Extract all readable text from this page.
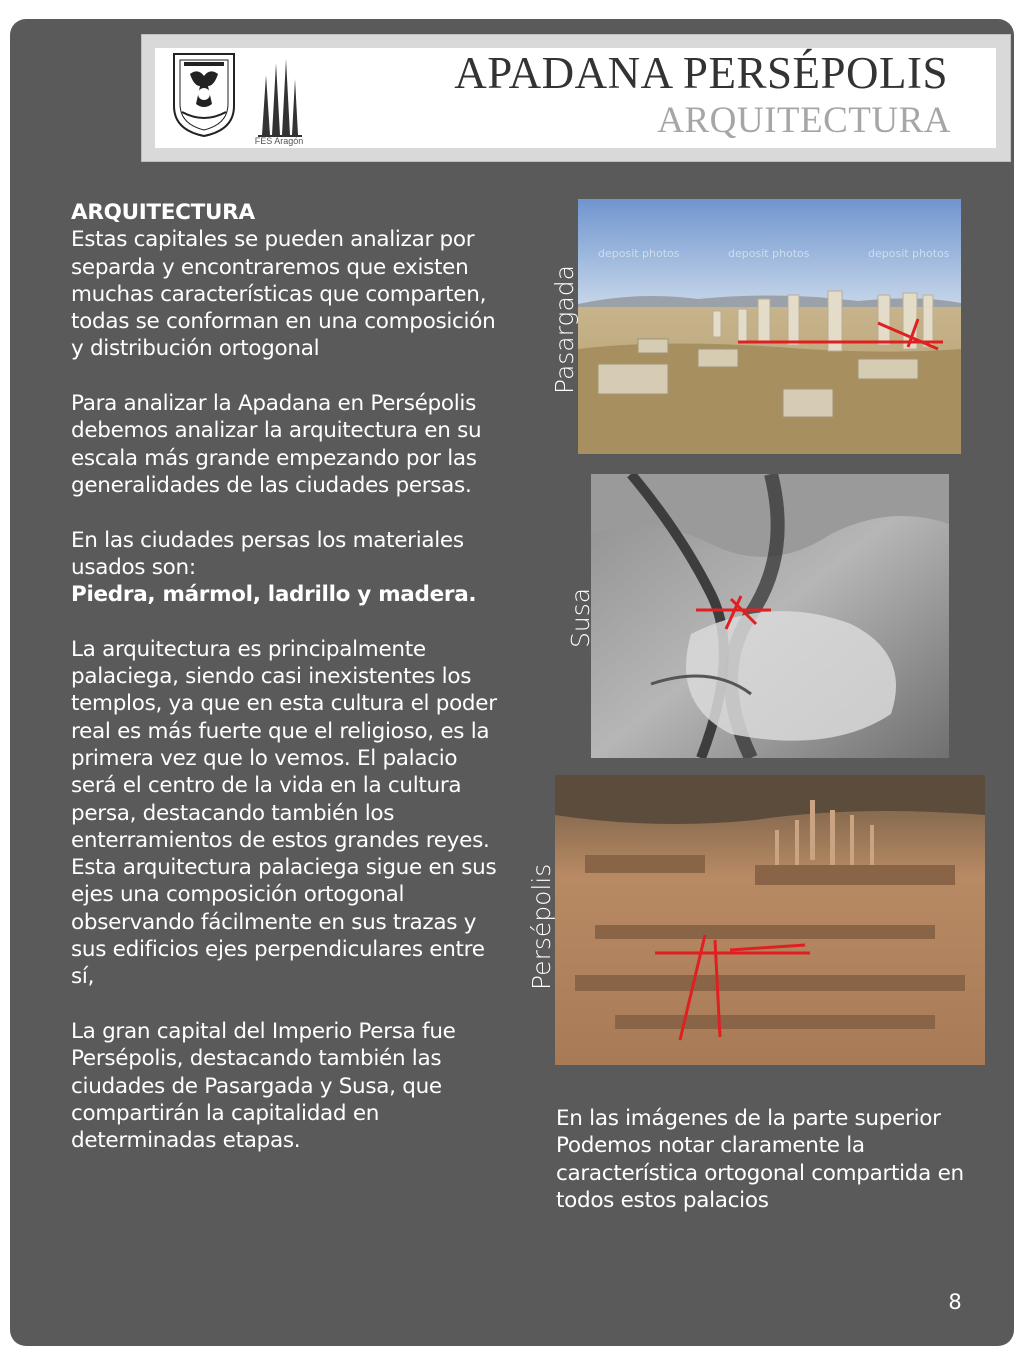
FES Aragón
APADANA PERSÉPOLIS
ARQUITECTURA
ARQUITECTURA

Estas capitales se pueden analizar por separda y encontraremos que existen muchas características que comparten, todas se conforman en una composición y distribución ortogonal

Para analizar la Apadana en Persépolis debemos analizar la arquitectura en su escala más grande empezando por las generalidades de las ciudades persas.

En las ciudades persas los materiales usados son:
Piedra, mármol, ladrillo y madera.

La arquitectura es principalmente palaciega, siendo casi inexistentes los templos, ya que en esta cultura el poder real es más fuerte que el religioso, es la primera vez que lo vemos. El palacio será el centro de la vida en la cultura persa, destacando también los enterramientos de estos grandes reyes. Esta arquitectura palaciega sigue en sus ejes una composición ortogonal observando fácilmente en sus trazas y sus edificios ejes perpendiculares entre sí,

La gran capital del Imperio Persa fue Persépolis, destacando también las ciudades de Pasargada y Susa, que compartirán la capitalidad en determinadas etapas.

deposit photos	deposit photos	deposit photos
Pasargada
Susa
Persépolis
En las imágenes de la parte superior Podemos notar claramente la característica ortogonal compartida en todos estos palacios
8
